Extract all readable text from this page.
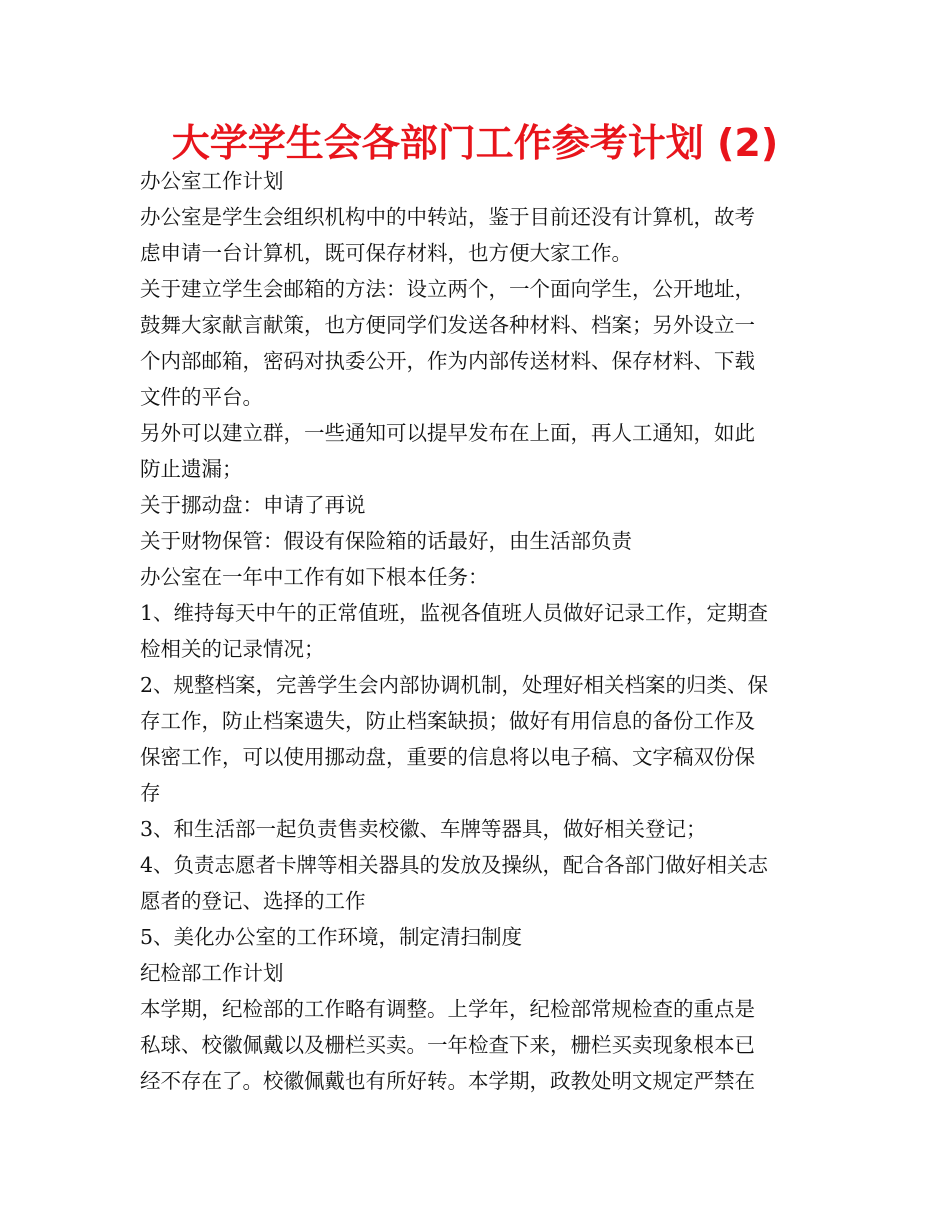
大学学生会各部门工作参考计划 (2)
办公室工作计划
办公室是学生会组织机构中的中转站，鉴于目前还没有计算机，故考
虑申请一台计算机，既可保存材料，也方便大家工作。
关于建立学生会邮箱的方法：设立两个，一个面向学生，公开地址，
鼓舞大家献言献策，也方便同学们发送各种材料、档案；另外设立一
个内部邮箱，密码对执委公开，作为内部传送材料、保存材料、下载
文件的平台。
另外可以建立群，一些通知可以提早发布在上面，再人工通知，如此
防止遗漏；
关于挪动盘：申请了再说
关于财物保管：假设有保险箱的话最好，由生活部负责
办公室在一年中工作有如下根本任务：
1、维持每天中午的正常值班，监视各值班人员做好记录工作，定期查
检相关的记录情况；
2、规整档案，完善学生会内部协调机制，处理好相关档案的归类、保
存工作，防止档案遗失，防止档案缺损；做好有用信息的备份工作及
保密工作，可以使用挪动盘，重要的信息将以电子稿、文字稿双份保
存
3、和生活部一起负责售卖校徽、车牌等器具，做好相关登记；
4、负责志愿者卡牌等相关器具的发放及操纵，配合各部门做好相关志
愿者的登记、选择的工作
5、美化办公室的工作环境，制定清扫制度
纪检部工作计划
本学期，纪检部的工作略有调整。上学年，纪检部常规检查的重点是
私球、校徽佩戴以及栅栏买卖。一年检查下来，栅栏买卖现象根本已
经不存在了。校徽佩戴也有所好转。本学期，政教处明文规定严禁在
